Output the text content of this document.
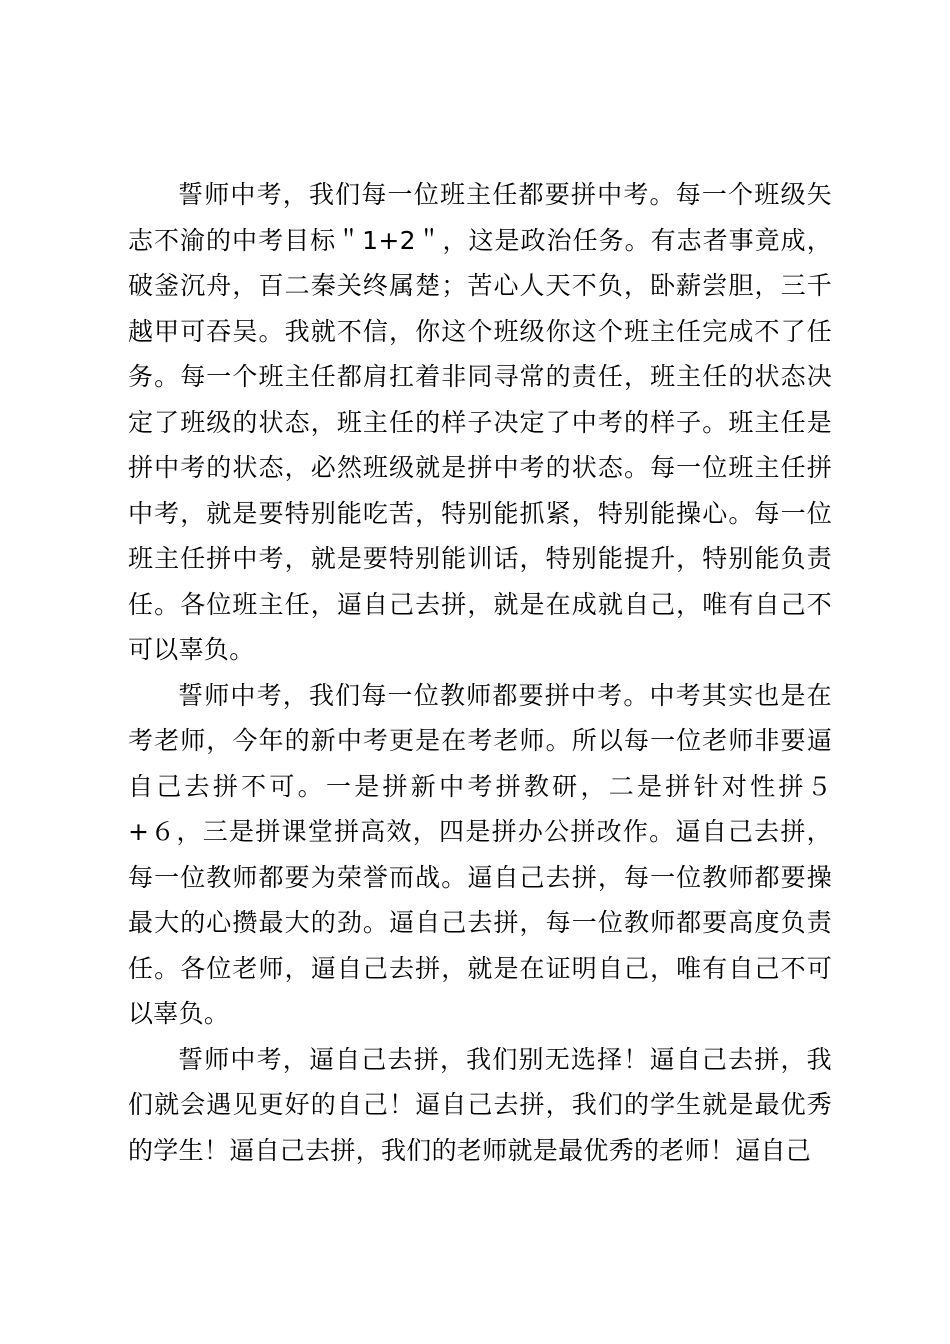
誓师中考，我们每一位班主任都要拼中考。每一个班级矢志不渝的中考目标＂1+2＂，这是政治任务。有志者事竟成，破釜沉舟，百二秦关终属楚；苦心人天不负，卧薪尝胆，三千越甲可吞吴。我就不信，你这个班级你这个班主任完成不了任务。每一个班主任都肩扛着非同寻常的责任，班主任的状态决定了班级的状态，班主任的样子决定了中考的样子。班主任是拼中考的状态，必然班级就是拼中考的状态。每一位班主任拼中考，就是要特别能吃苦，特别能抓紧，特别能操心。每一位班主任拼中考，就是要特别能训话，特别能提升，特别能负责任。各位班主任，逼自己去拼，就是在成就自己，唯有自己不可以辜负。

誓师中考，我们每一位教师都要拼中考。中考其实也是在考老师，今年的新中考更是在考老师。所以每一位老师非要逼自己去拼不可。一是拼新中考拼教研，二是拼针对性拼５+６，三是拼课堂拼高效，四是拼办公拼改作。逼自己去拼，每一位教师都要为荣誉而战。逼自己去拼，每一位教师都要操最大的心攒最大的劲。逼自己去拼，每一位教师都要高度负责任。各位老师，逼自己去拼，就是在证明自己，唯有自己不可以辜负。

誓师中考，逼自己去拼，我们别无选择！逼自己去拼，我们就会遇见更好的自己！逼自己去拼，我们的学生就是最优秀的学生！逼自己去拼，我们的老师就是最优秀的老师！逼自己
